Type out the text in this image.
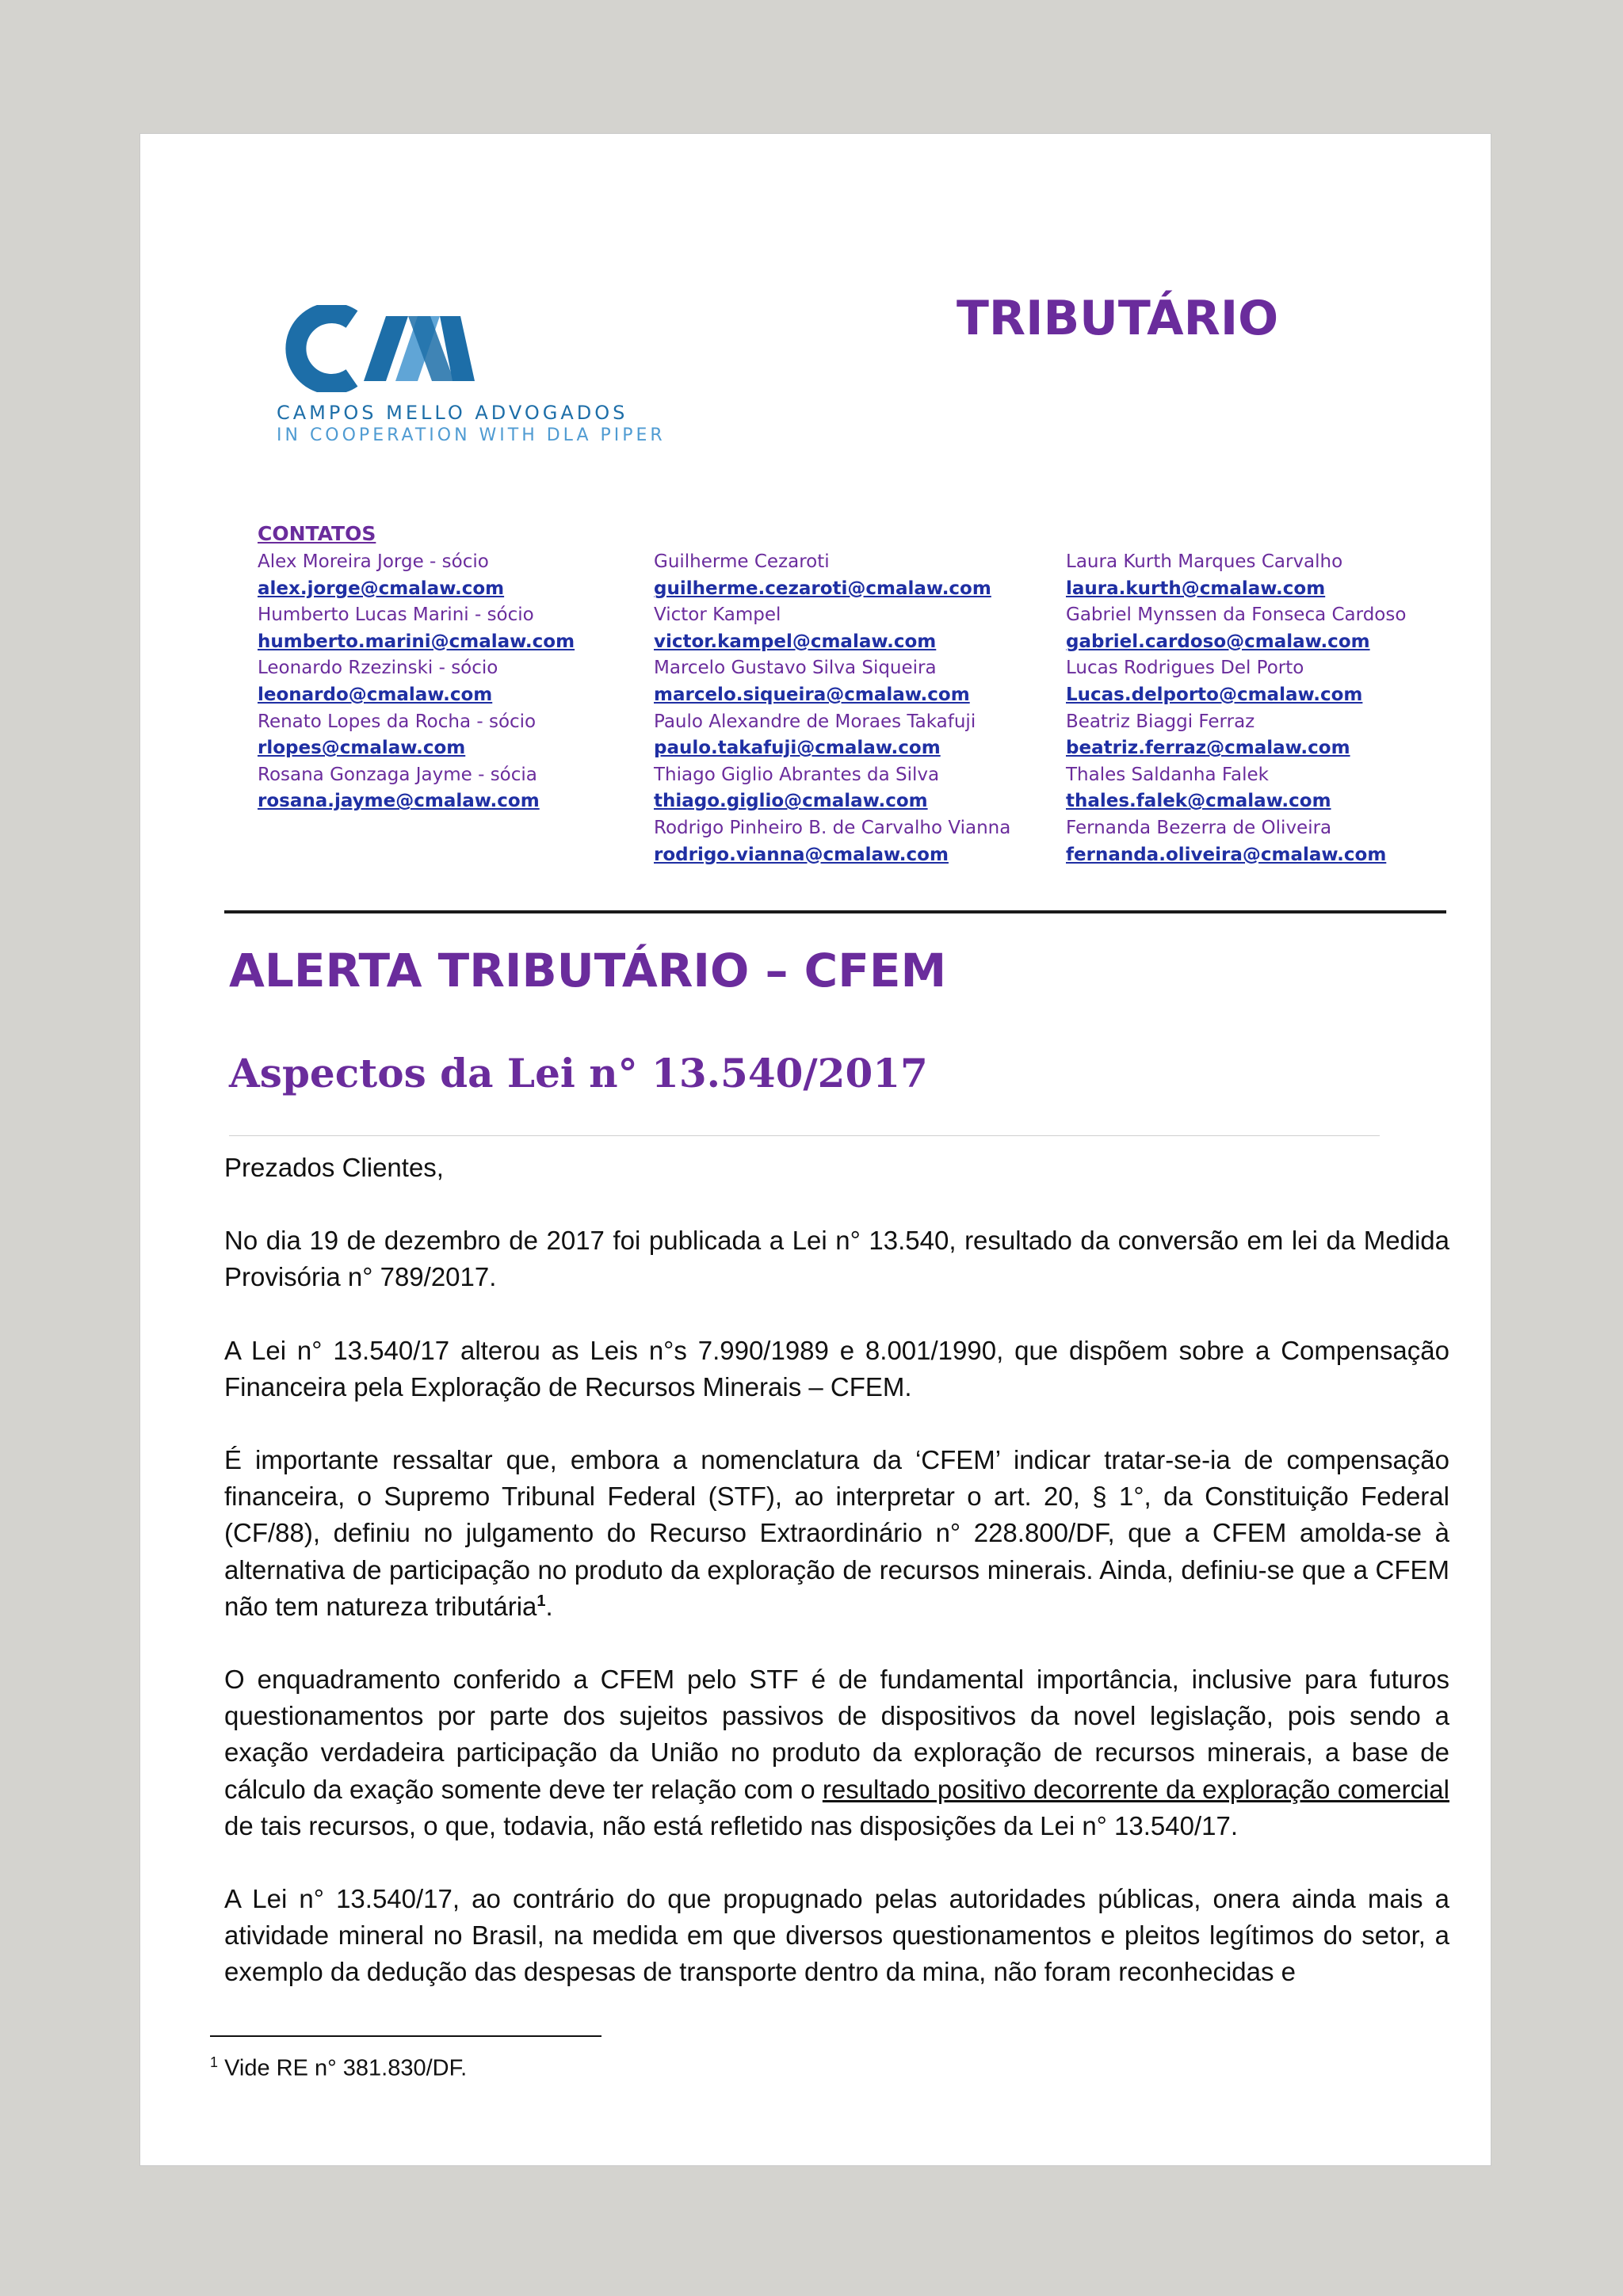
CAMPOS MELLO ADVOGADOS
IN COOPERATION WITH DLA PIPER
TRIBUTÁRIO
CONTATOS
Alex Moreira Jorge - sócio
alex.jorge@cmalaw.com
Humberto Lucas Marini - sócio
humberto.marini@cmalaw.com
Leonardo Rzezinski - sócio
leonardo@cmalaw.com
Renato Lopes da Rocha - sócio
rlopes@cmalaw.com
Rosana Gonzaga Jayme - sócia
rosana.jayme@cmalaw.com
Guilherme Cezaroti
guilherme.cezaroti@cmalaw.com
Victor Kampel
victor.kampel@cmalaw.com
Marcelo Gustavo Silva Siqueira
marcelo.siqueira@cmalaw.com
Paulo Alexandre de Moraes Takafuji
paulo.takafuji@cmalaw.com
Thiago Giglio Abrantes da Silva
thiago.giglio@cmalaw.com
Rodrigo Pinheiro B. de Carvalho Vianna
rodrigo.vianna@cmalaw.com
Laura Kurth Marques Carvalho
laura.kurth@cmalaw.com
Gabriel Mynssen da Fonseca Cardoso
gabriel.cardoso@cmalaw.com
Lucas Rodrigues Del Porto
Lucas.delporto@cmalaw.com
Beatriz Biaggi Ferraz
beatriz.ferraz@cmalaw.com
Thales Saldanha Falek
thales.falek@cmalaw.com
Fernanda Bezerra de Oliveira
fernanda.oliveira@cmalaw.com
ALERTA TRIBUTÁRIO – CFEM
Aspectos da Lei n° 13.540/2017

Prezados Clientes,

No dia 19 de dezembro de 2017 foi publicada a Lei n° 13.540, resultado da conversão em lei da Medida Provisória n° 789/2017.

A Lei n° 13.540/17 alterou as Leis n°s 7.990/1989 e 8.001/1990, que dispõem sobre a Compensação Financeira pela Exploração de Recursos Minerais – CFEM.

É importante ressaltar que, embora a nomenclatura da ‘CFEM’ indicar tratar-se-ia de compensação financeira, o Supremo Tribunal Federal (STF), ao interpretar o art. 20, § 1°, da Constituição Federal (CF/88), definiu no julgamento do Recurso Extraordinário n° 228.800/DF, que a CFEM amolda-se à alternativa de participação no produto da exploração de recursos minerais. Ainda, definiu-se que a CFEM não tem natureza tributária$^1$.

O enquadramento conferido a CFEM pelo STF é de fundamental importância, inclusive para futuros questionamentos por parte dos sujeitos passivos de dispositivos da novel legislação, pois sendo a exação verdadeira participação da União no produto da exploração de recursos minerais, a base de cálculo da exação somente deve ter relação com o resultado positivo decorrente da exploração comercial de tais recursos, o que, todavia, não está refletido nas disposições da Lei n° 13.540/17.

A Lei n° 13.540/17, ao contrário do que propugnado pelas autoridades públicas, onera ainda mais a atividade mineral no Brasil, na medida em que diversos questionamentos e pleitos legítimos do setor, a exemplo da dedução das despesas de transporte dentro da mina, não foram reconhecidas e

$^1$ Vide RE n° 381.830/DF.
